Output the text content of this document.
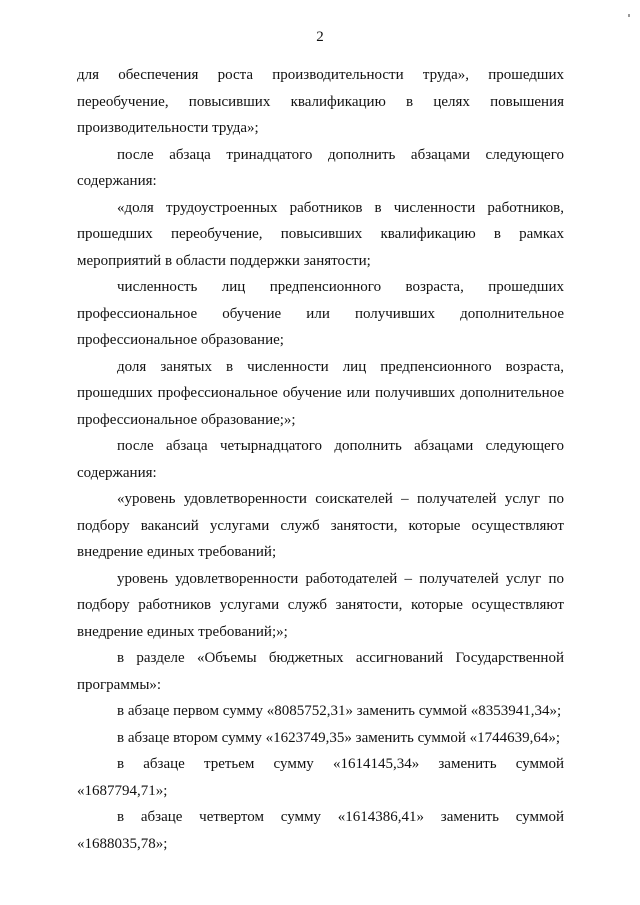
2

для обеспечения роста производительности труда», прошедших переобучение, повысивших квалификацию в целях повышения производительности труда»;

после абзаца тринадцатого дополнить абзацами следующего содержания:

«доля трудоустроенных работников в численности работников, прошедших переобучение, повысивших квалификацию в рамках мероприятий в области поддержки занятости;

численность лиц предпенсионного возраста, прошедших профессиональное обучение или получивших дополнительное профессиональное образование;

доля занятых в численности лиц предпенсионного возраста, прошедших профессиональное обучение или получивших дополнительное профессиональное образование;»;

после абзаца четырнадцатого дополнить абзацами следующего содержания:

«уровень удовлетворенности соискателей – получателей услуг по подбору вакансий услугами служб занятости, которые осуществляют внедрение единых требований;

уровень удовлетворенности работодателей – получателей услуг по подбору работников услугами служб занятости, которые осуществляют внедрение единых требований;»;

в разделе «Объемы бюджетных ассигнований Государственной программы»:

в абзаце первом сумму «8085752,31» заменить суммой «8353941,34»;

в абзаце втором сумму «1623749,35» заменить суммой «1744639,64»;

в абзаце третьем сумму «1614145,34» заменить суммой «1687794,71»;

в абзаце четвертом сумму «1614386,41» заменить суммой «1688035,78»;
